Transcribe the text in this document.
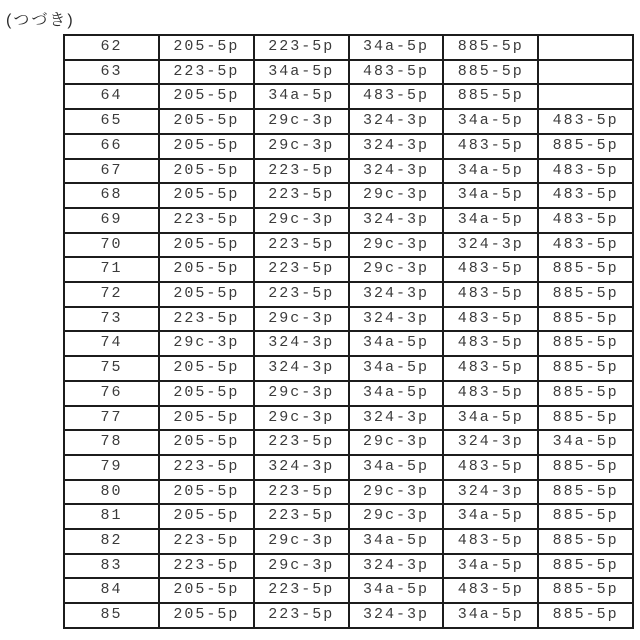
(つづき)
62	205-5p	223-5p	34a-5p	885-5p	
63	223-5p	34a-5p	483-5p	885-5p	
64	205-5p	34a-5p	483-5p	885-5p	
65	205-5p	29c-3p	324-3p	34a-5p	483-5p
66	205-5p	29c-3p	324-3p	483-5p	885-5p
67	205-5p	223-5p	324-3p	34a-5p	483-5p
68	205-5p	223-5p	29c-3p	34a-5p	483-5p
69	223-5p	29c-3p	324-3p	34a-5p	483-5p
70	205-5p	223-5p	29c-3p	324-3p	483-5p
71	205-5p	223-5p	29c-3p	483-5p	885-5p
72	205-5p	223-5p	324-3p	483-5p	885-5p
73	223-5p	29c-3p	324-3p	483-5p	885-5p
74	29c-3p	324-3p	34a-5p	483-5p	885-5p
75	205-5p	324-3p	34a-5p	483-5p	885-5p
76	205-5p	29c-3p	34a-5p	483-5p	885-5p
77	205-5p	29c-3p	324-3p	34a-5p	885-5p
78	205-5p	223-5p	29c-3p	324-3p	34a-5p
79	223-5p	324-3p	34a-5p	483-5p	885-5p
80	205-5p	223-5p	29c-3p	324-3p	885-5p
81	205-5p	223-5p	29c-3p	34a-5p	885-5p
82	223-5p	29c-3p	34a-5p	483-5p	885-5p
83	223-5p	29c-3p	324-3p	34a-5p	885-5p
84	205-5p	223-5p	34a-5p	483-5p	885-5p
85	205-5p	223-5p	324-3p	34a-5p	885-5p
